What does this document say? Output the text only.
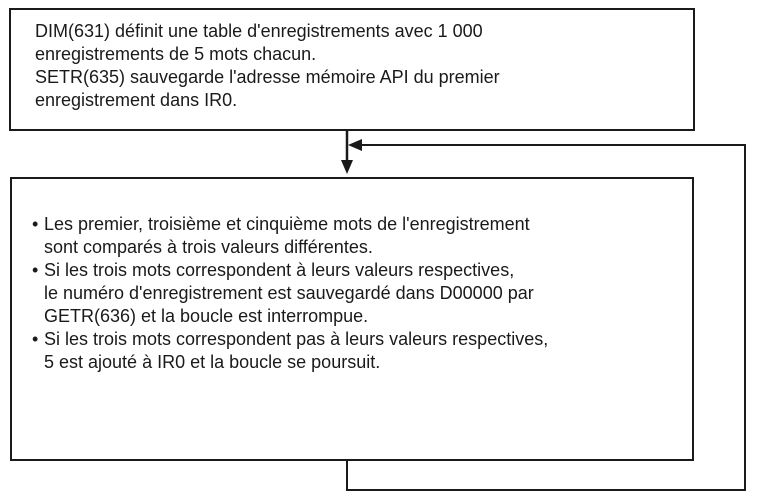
DIM(631) définit une table d'enregistrements avec 1 000
enregistrements de 5 mots chacun.
SETR(635) sauvegarde l'adresse mémoire API du premier
enregistrement dans IR0.
• Les premier, troisième et cinquième mots de l'enregistrement
sont comparés à trois valeurs différentes.
• Si les trois mots correspondent à leurs valeurs respectives,
le numéro d'enregistrement est sauvegardé dans D00000 par
GETR(636) et la boucle est interrompue.
• Si les trois mots correspondent pas à leurs valeurs respectives,
5 est ajouté à IR0 et la boucle se poursuit.
